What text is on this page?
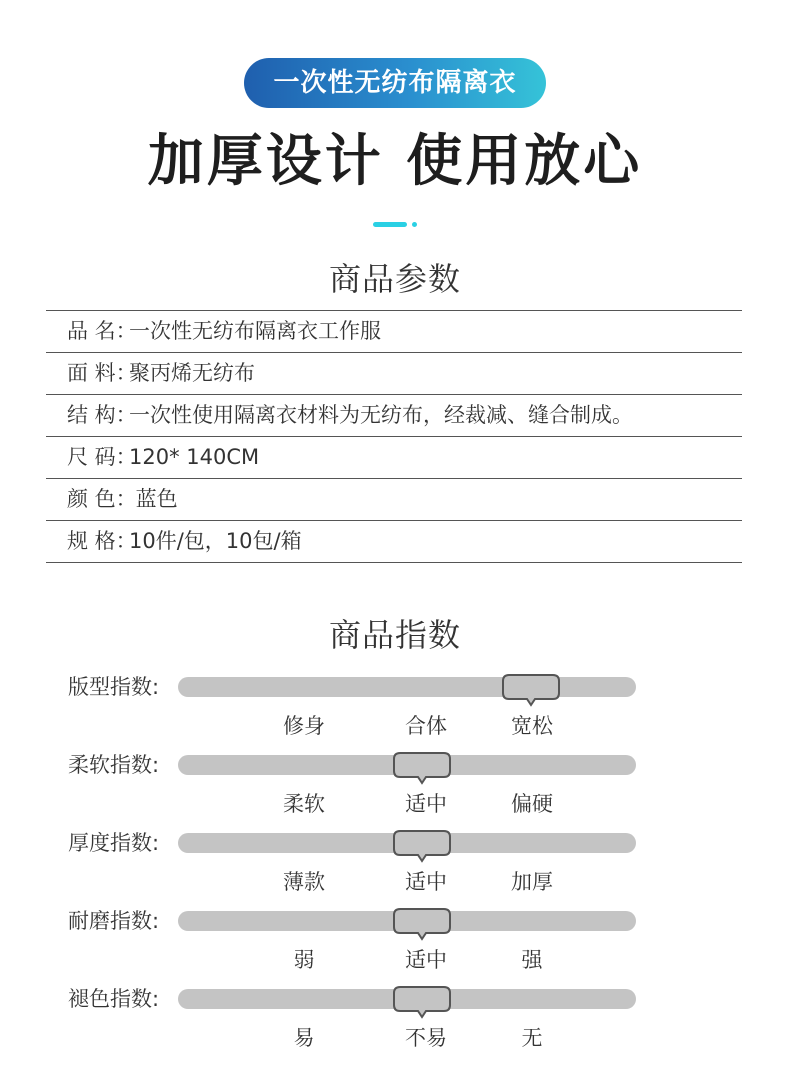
一次性无纺布隔离衣
加厚设计 使用放心
商品参数
品 名：一次性无纺布隔离衣工作服
面 料：聚丙烯无纺布
结 构：一次性使用隔离衣材料为无纺布，经裁减、缝合制成。
尺 码：120* 140CM
颜 色： 蓝色
规 格：10件/包，10包/箱
商品指数
版型指数:
修身	合体	宽松
柔软指数:
柔软	适中	偏硬
厚度指数:
薄款	适中	加厚
耐磨指数:
弱	适中	强
褪色指数:
易	不易	无
